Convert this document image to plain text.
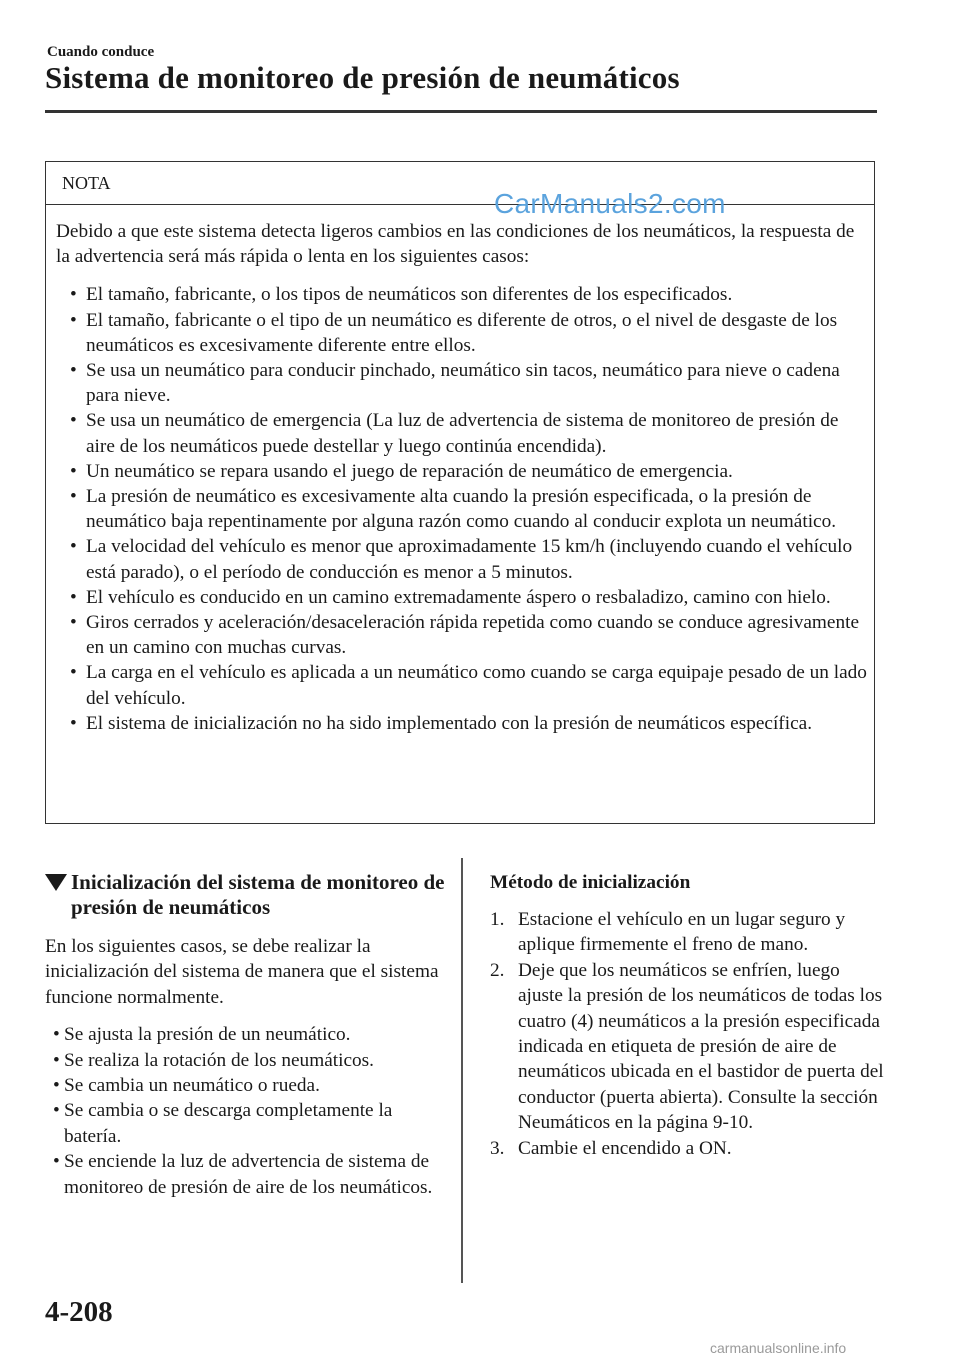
Cuando conduce
Sistema de monitoreo de presión de neumáticos
NOTA
CarManuals2.com

Debido a que este sistema detecta ligeros cambios en las condiciones de los neumáticos, la respuesta de la advertencia será más rápida o lenta en los siguientes casos:

• El tamaño, fabricante, o los tipos de neumáticos son diferentes de los especificados.
• El tamaño, fabricante o el tipo de un neumático es diferente de otros, o el nivel de desgaste de los neumáticos es excesivamente diferente entre ellos.
• Se usa un neumático para conducir pinchado, neumático sin tacos, neumático para nieve o cadena para nieve.
• Se usa un neumático de emergencia (La luz de advertencia de sistema de monitoreo de presión de aire de los neumáticos puede destellar y luego continúa encendida).
• Un neumático se repara usando el juego de reparación de neumático de emergencia.
• La presión de neumático es excesivamente alta cuando la presión especificada, o la presión de neumático baja repentinamente por alguna razón como cuando al conducir explota un neumático.
• La velocidad del vehículo es menor que aproximadamente 15 km/h (incluyendo cuando el vehículo está parado), o el período de conducción es menor a 5 minutos.
• El vehículo es conducido en un camino extremadamente áspero o resbaladizo, camino con hielo.
• Giros cerrados y aceleración/desaceleración rápida repetida como cuando se conduce agresivamente en un camino con muchas curvas.
• La carga en el vehículo es aplicada a un neumático como cuando se carga equipaje pesado de un lado del vehículo.
• El sistema de inicialización no ha sido implementado con la presión de neumáticos específica.
Inicialización del sistema de monitoreo de presión de neumáticos

En los siguientes casos, se debe realizar la inicialización del sistema de manera que el sistema funcione normalmente.

• Se ajusta la presión de un neumático.
• Se realiza la rotación de los neumáticos.
• Se cambia un neumático o rueda.
• Se cambia o se descarga completamente la batería.
• Se enciende la luz de advertencia de sistema de monitoreo de presión de aire de los neumáticos.
Método de inicialización
1. Estacione el vehículo en un lugar seguro y aplique firmemente el freno de mano.
2. Deje que los neumáticos se enfríen, luego ajuste la presión de los neumáticos de todas los cuatro (4) neumáticos a la presión especificada indicada en etiqueta de presión de aire de neumáticos ubicada en el bastidor de puerta del conductor (puerta abierta). Consulte la sección Neumáticos en la página 9-10.
3. Cambie el encendido a ON.
4-208
carmanualsonline.info
